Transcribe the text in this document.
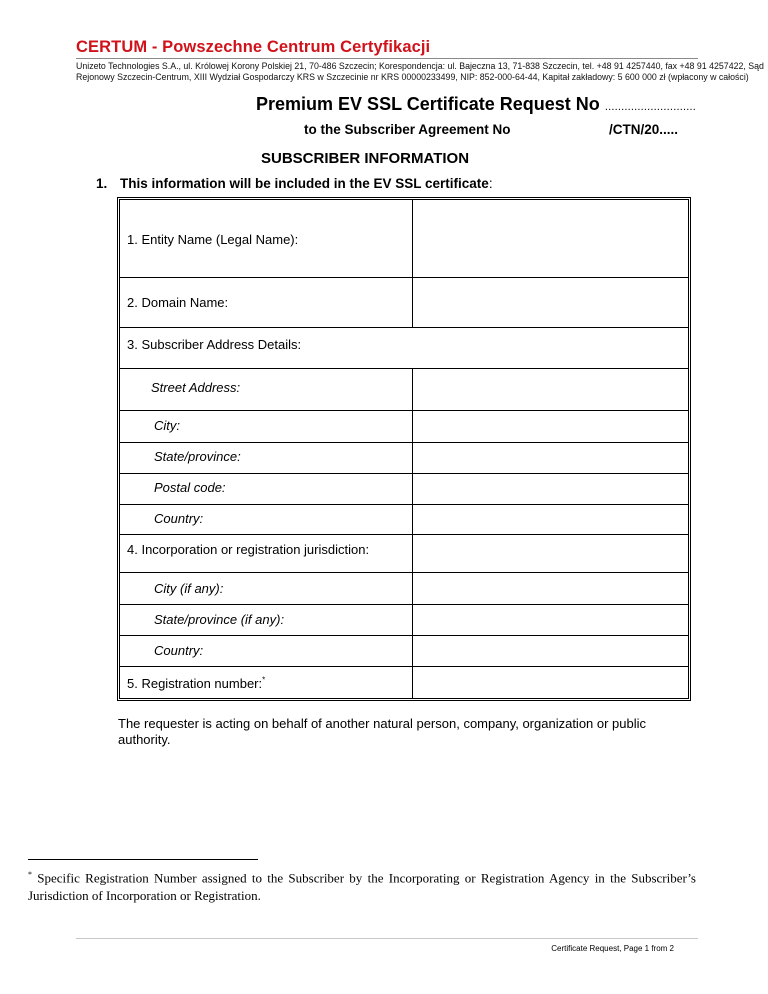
CERTUM - Powszechne Centrum Certyfikacji
Unizeto Technologies S.A., ul. Królowej Korony Polskiej 21, 70-486 Szczecin; Korespondencja: ul. Bajeczna 13, 71-838 Szczecin, tel. +48 91 4257440, fax +48 91 4257422, Sąd
Rejonowy Szczecin-Centrum, XIII Wydział Gospodarczy KRS w Szczecinie nr KRS 00000233499, NIP: 852-000-64-44, Kapitał zakładowy: 5 600 000 zł (wpłacony w całości)
Premium EV SSL Certificate Request No ............................
to the Subscriber Agreement No	/CTN/20.....
SUBSCRIBER INFORMATION
1. This information will be included in the EV SSL certificate:
1. Entity Name (Legal Name):
2. Domain Name:
3. Subscriber Address Details:
Street Address:
City:
State/province:
Postal code:
Country:
4. Incorporation or registration jurisdiction:
City (if any):
State/province (if any):
Country:
5. Registration number:*
The requester is acting on behalf of another natural person, company, organization or public authority.
* Specific Registration Number assigned to the Subscriber by the Incorporating or Registration Agency in the Subscriber’s Jurisdiction of Incorporation or Registration.
Certificate Request, Page 1 from 2
